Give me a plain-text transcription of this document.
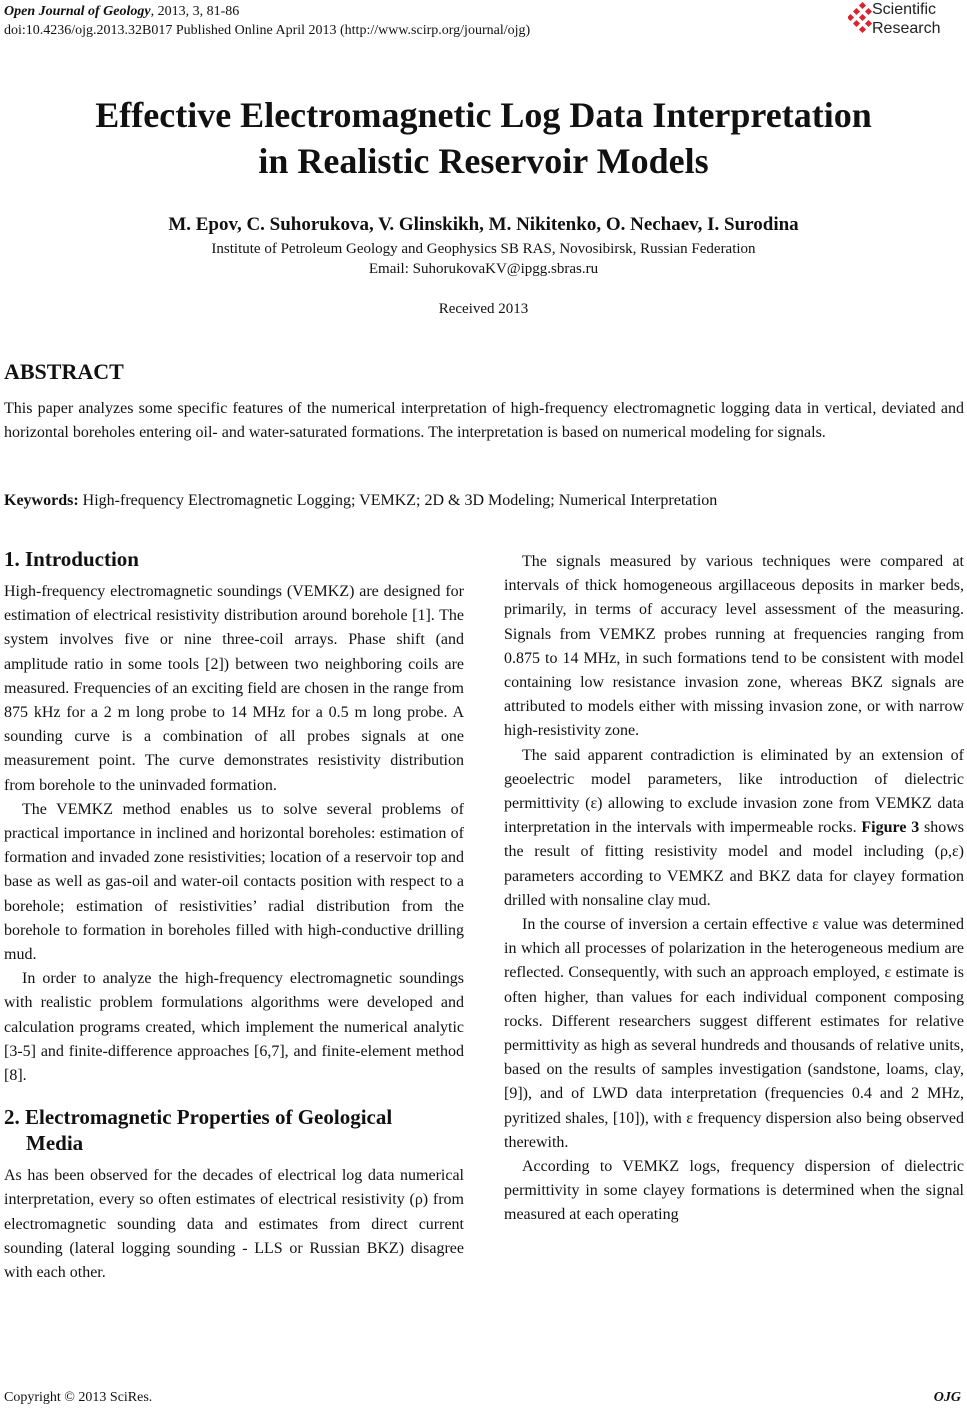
Open Journal of Geology, 2013, 3, 81-86
doi:10.4236/ojg.2013.32B017 Published Online April 2013 (http://www.scirp.org/journal/ojg)
Scientific
Research
Effective Electromagnetic Log Data Interpretation
in Realistic Reservoir Models
M. Epov, C. Suhorukova, V. Glinskikh, M. Nikitenko, O. Nechaev, I. Surodina
Institute of Petroleum Geology and Geophysics SB RAS, Novosibirsk, Russian Federation
Email: SuhorukovaKV@ipgg.sbras.ru
Received 2013
ABSTRACT
This paper analyzes some specific features of the numerical interpretation of high-frequency electromagnetic logging data in vertical, deviated and horizontal boreholes entering oil- and water-saturated formations. The interpretation is based on numerical modeling for signals.
Keywords: High-frequency Electromagnetic Logging; VEMKZ; 2D & 3D Modeling; Numerical Interpretation
1. Introduction

High-frequency electromagnetic soundings (VEMKZ) are designed for estimation of electrical resistivity distribution around borehole [1]. The system involves five or nine three-coil arrays. Phase shift (and amplitude ratio in some tools [2]) between two neighboring coils are measured. Frequencies of an exciting field are chosen in the range from 875 kHz for a 2 m long probe to 14 MHz for a 0.5 m long probe. A sounding curve is a combination of all probes signals at one measurement point. The curve demonstrates resistivity distribution from borehole to the uninvaded formation.

The VEMKZ method enables us to solve several problems of practical importance in inclined and horizontal boreholes: estimation of formation and invaded zone resistivities; location of a reservoir top and base as well as gas-oil and water-oil contacts position with respect to a borehole; estimation of resistivities’ radial distribution from the borehole to formation in boreholes filled with high-conductive drilling mud.

In order to analyze the high-frequency electromagnetic soundings with realistic problem formulations algorithms were developed and calculation programs created, which implement the numerical analytic [3-5] and finite-difference approaches [6,7], and finite-element method [8].

2. Electromagnetic Properties of Geological
Media

As has been observed for the decades of electrical log data numerical interpretation, every so often estimates of electrical resistivity (ρ) from electromagnetic sounding data and estimates from direct current sounding (lateral logging sounding - LLS or Russian BKZ) disagree with each other.

The signals measured by various techniques were compared at intervals of thick homogeneous argillaceous deposits in marker beds, primarily, in terms of accuracy level assessment of the measuring. Signals from VEMKZ probes running at frequencies ranging from 0.875 to 14 MHz, in such formations tend to be consistent with model containing low resistance invasion zone, whereas BKZ signals are attributed to models either with missing invasion zone, or with narrow high-resistivity zone.

The said apparent contradiction is eliminated by an extension of geoelectric model parameters, like introduction of dielectric permittivity (ε) allowing to exclude invasion zone from VEMKZ data interpretation in the intervals with impermeable rocks. Figure 3 shows the result of fitting resistivity model and model including (ρ,ε) parameters according to VEMKZ and BKZ data for clayey formation drilled with nonsaline clay mud.

In the course of inversion a certain effective ε value was determined in which all processes of polarization in the heterogeneous medium are reflected. Consequently, with such an approach employed, ε estimate is often higher, than values for each individual component composing rocks. Different researchers suggest different estimates for relative permittivity as high as several hundreds and thousands of relative units, based on the results of samples investigation (sandstone, loams, clay, [9]), and of LWD data interpretation (frequencies 0.4 and 2 MHz, pyritized shales, [10]), with ε frequency dispersion also being observed therewith.

According to VEMKZ logs, frequency dispersion of dielectric permittivity in some clayey formations is determined when the signal measured at each operating

Copyright © 2013 SciRes.	OJG
